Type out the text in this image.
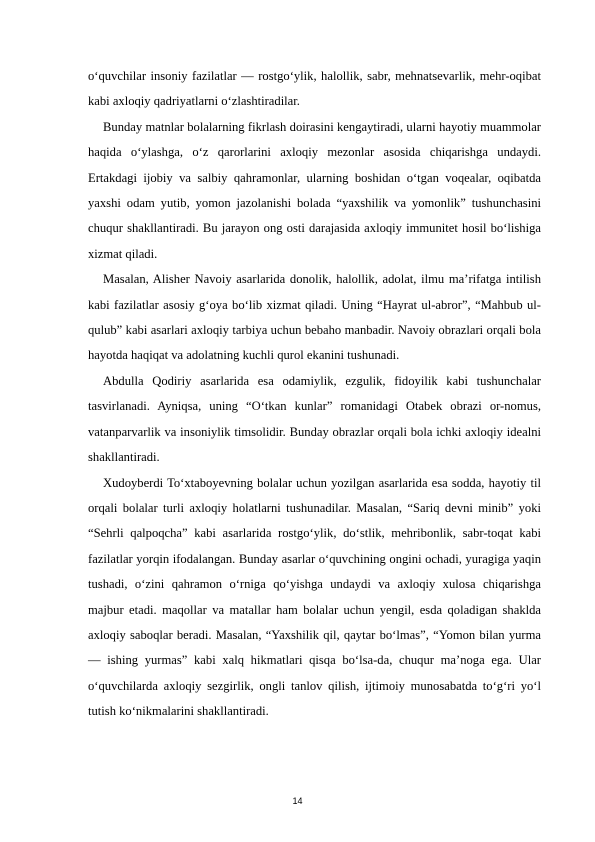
o‘quvchilar insoniy fazilatlar — rostgo‘ylik, halollik, sabr, mehnatsevarlik, mehr-oqibat kabi axloqiy qadriyatlarni o‘zlashtiradilar.

Bunday matnlar bolalarning fikrlash doirasini kengaytiradi, ularni hayotiy muammolar haqida o‘ylashga, o‘z qarorlarini axloqiy mezonlar asosida chiqarishga undaydi. Ertakdagi ijobiy va salbiy qahramonlar, ularning boshidan o‘tgan voqealar, oqibatda yaxshi odam yutib, yomon jazolanishi bolada “yaxshilik va yomonlik” tushunchasini chuqur shakllantiradi. Bu jarayon ong osti darajasida axloqiy immunitet hosil bo‘lishiga xizmat qiladi.

Masalan, Alisher Navoiy asarlarida donolik, halollik, adolat, ilmu ma’rifatga intilish kabi fazilatlar asosiy g‘oya bo‘lib xizmat qiladi. Uning “Hayrat ul-abror”, “Mahbub ul-qulub” kabi asarlari axloqiy tarbiya uchun bebaho manbadir. Navoiy obrazlari orqali bola hayotda haqiqat va adolatning kuchli qurol ekanini tushunadi.

Abdulla Qodiriy asarlarida esa odamiylik, ezgulik, fidoyilik kabi tushunchalar tasvirlanadi. Ayniqsa, uning “O‘tkan kunlar” romanidagi Otabek obrazi or-nomus, vatanparvarlik va insoniylik timsolidir. Bunday obrazlar orqali bola ichki axloqiy idealni shakllantiradi.

Xudoyberdi To‘xtaboyevning bolalar uchun yozilgan asarlarida esa sodda, hayotiy til orqali bolalar turli axloqiy holatlarni tushunadilar. Masalan, “Sariq devni minib” yoki “Sehrli qalpoqcha” kabi asarlarida rostgo‘ylik, do‘stlik, mehribonlik, sabr-toqat kabi fazilatlar yorqin ifodalangan. Bunday asarlar o‘quvchining ongini ochadi, yuragiga yaqin tushadi, o‘zini qahramon o‘rniga qo‘yishga undaydi va axloqiy xulosa chiqarishga majbur etadi. maqollar va matallar ham bolalar uchun yengil, esda qoladigan shaklda axloqiy saboqlar beradi. Masalan, “Yaxshilik qil, qaytar bo‘lmas”, “Yomon bilan yurma — ishing yurmas” kabi xalq hikmatlari qisqa bo‘lsa-da, chuqur ma’noga ega. Ular o‘quvchilarda axloqiy sezgirlik, ongli tanlov qilish, ijtimoiy munosabatda to‘g‘ri yo‘l tutish ko‘nikmalarini shakllantiradi.

14
